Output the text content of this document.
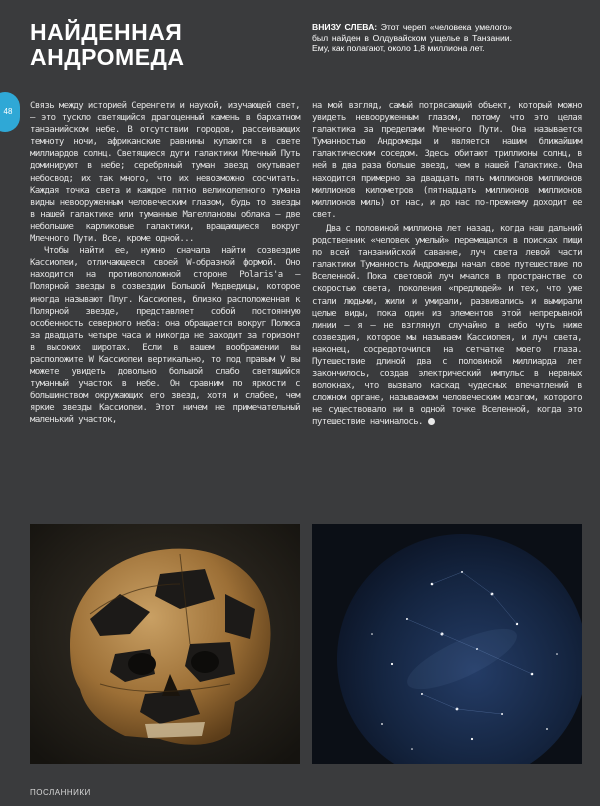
48
НАЙДЕННАЯ
АНДРОМЕДА
ВНИЗУ СЛЕВА: Этот череп «человека умелого» был найден в Олдувайском ущелье в Танзании. Ему, как полагают, около 1,8 миллиона лет.

Связь между историей Серенгети и наукой, изучающей свет, – это тускло светящийся драгоценный камень в бархатном танзанийском небе. В отсутствии городов, рассеивающих темноту ночи, африканские равнины купаются в свете миллиардов солнц. Светящиеся дуги галактики Млечный Путь доминируют в небе; серебряный туман звезд окутывает небосвод; их так много, что их невозможно сосчитать. Каждая точка света и каждое пятно великолепного тумана видны невооруженным человеческим глазом, будь то звезды в нашей галактике или туманные Магеллановы облака – две небольшие карликовые галактики, вращающиеся вокруг Млечного Пути. Все, кроме одной...

Чтобы найти ее, нужно сначала найти созвездие Кассиопеи, отличающееся своей W-образной формой. Оно находится на противоположной стороне Polaris'а – Полярной звезды в созвездии Большой Медведицы, которое иногда называют Плуг. Кассиопея, близко расположенная к Полярной звезде, представляет собой постоянную особенность северного неба: она обращается вокруг Полюса за двадцать четыре часа и никогда не заходит за горизонт в высоких широтах. Если в вашем воображении вы расположите W Кассиопеи вертикально, то под правым V вы можете увидеть довольно большой слабо светящийся туманный участок в небе. Он сравним по яркости с большинством окружающих его звезд, хотя и слабее, чем яркие звезды Кассиопеи. Этот ничем не примечательный маленький участок,

на мой взгляд, самый потрясающий объект, который можно увидеть невооруженным глазом, потому что это целая галактика за пределами Млечного Пути. Она называется Туманностью Андромеды и является нашим ближайшим галактическим соседом. Здесь обитают триллионы солнц, в ней в два раза больше звезд, чем в нашей Галактике. Она находится примерно за двадцать пять миллионов миллионов миллионов километров (пятнадцать миллионов миллионов миллионов миль) от нас, и до нас по-прежнему доходит ее свет.

Два с половиной миллиона лет назад, когда наш дальний родственник «человек умелый» перемещался в поисках пищи по всей танзанийской саванне, луч света левой части галактики Туманность Андромеды начал свое путешествие по Вселенной. Пока световой луч мчался в пространстве со скоростью света, поколения «предлюдей» и тех, что уже стали людьми, жили и умирали, развивались и вымирали целые виды, пока один из элементов этой непрерывной линии – я – не взглянул случайно в небо чуть ниже созвездия, которое мы называем Кассиопея, и луч света, наконец, сосредоточился на сетчатке моего глаза. Путешествие длиной два с половиной миллиарда лет закончилось, создав электрический импульс в нервных волокнах, что вызвало каскад чудесных впечатлений в сложном органе, называемом человеческим мозгом, которого не существовало ни в одной точке Вселенной, когда это путешествие начиналось.

ПОСЛАННИКИ
